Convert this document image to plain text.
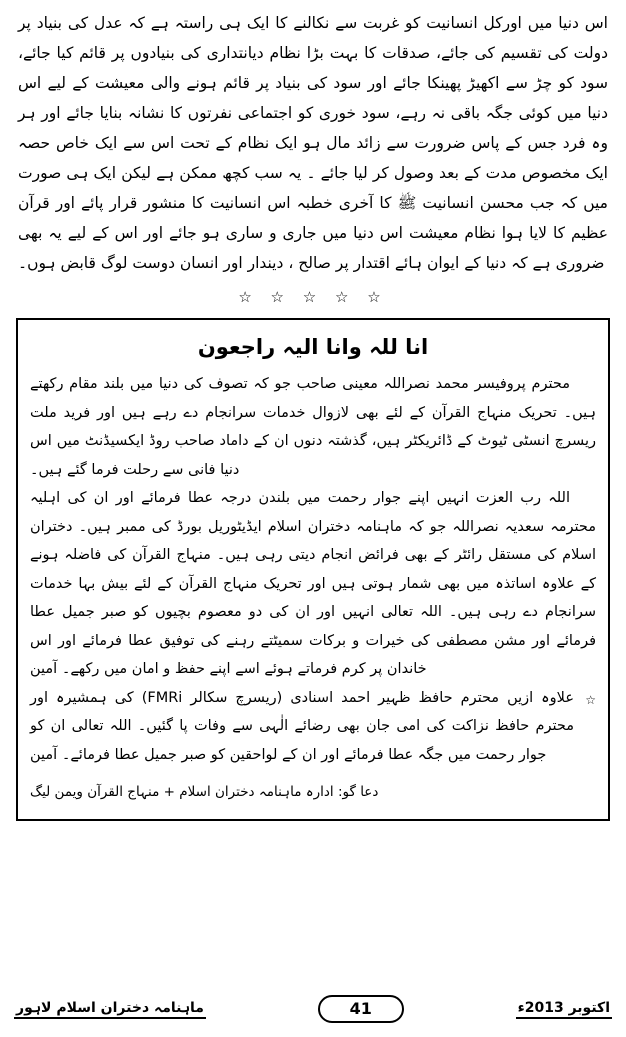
اس دنیا میں اورکل انسانیت کو غربت سے نکالنے کا ایک ہی راستہ ہے کہ عدل کی بنیاد پر دولت کی تقسیم کی جائے، صدقات کا بہت بڑا نظام دیانتداری کی بنیادوں پر قائم کیا جائے، سود کو چڑ سے اکھیڑ پھینکا جائے اور سود کی بنیاد پر قائم ہونے والی معیشت کے لیے اس دنیا میں کوئی جگہ باقی نہ رہے، سود خوری کو اجتماعی نفرتوں کا نشانہ بنایا جائے اور ہر وہ فرد جس کے پاس ضرورت سے زائد مال ہو ایک نظام کے تحت اس سے ایک خاص حصہ ایک مخصوص مدت کے بعد وصول کر لیا جائے ۔ یہ سب کچھ ممکن ہے لیکن ایک ہی صورت میں کہ جب محسن انسانیت ﷺ کا آخری خطبہ اس انسانیت کا منشور قرار پائے اور قرآن عظیم کا لایا ہوا نظام معیشت اس دنیا میں جاری و ساری ہو جائے اور اس کے لیے یہ بھی ضروری ہے کہ دنیا کے ایوان ہائے اقتدار پر صالح ، دیندار اور انسان دوست لوگ قابض ہوں۔

☆ ☆ ☆ ☆ ☆
انا للہ وانا الیہ راجعون

محترم پروفیسر محمد نصراللہ معینی صاحب جو کہ تصوف کی دنیا میں بلند مقام رکھتے ہیں۔ تحریک منہاج القرآن کے لئے بھی لازوال خدمات سرانجام دے رہے ہیں اور فرید ملت ریسرچ انسٹی ٹیوٹ کے ڈائریکٹر ہیں، گذشتہ دنوں ان کے داماد صاحب روڈ ایکسیڈنٹ میں اس دنیا فانی سے رحلت فرما گئے ہیں۔

اللہ رب العزت انہیں اپنے جوار رحمت میں بلندن درجہ عطا فرمائے اور ان کی اہلیہ محترمہ سعدیہ نصراللہ جو کہ ماہنامہ دختران اسلام ایڈیٹوریل بورڈ کی ممبر ہیں۔ دختران اسلام کی مستقل رائٹر کے بھی فرائض انجام دیتی رہی ہیں۔ منہاج القرآن کی فاضلہ ہونے کے علاوہ اساتذہ میں بھی شمار ہوتی ہیں اور تحریک منہاج القرآن کے لئے بیش بہا خدمات سرانجام دے رہی ہیں۔ اللہ تعالی انہیں اور ان کی دو معصوم بچیوں کو صبر جمیل عطا فرمائے اور مشن مصطفی کی خیرات و برکات سمیٹتے رہنے کی توفیق عطا فرمائے اور اس خاندان پر کرم فرماتے ہوئے اسے اپنے حفظ و امان میں رکھے۔ آمین

☆
علاوہ ازیں محترم حافظ ظہیر احمد اسنادی (ریسرچ سکالر FMRi) کی ہمشیرہ اور محترم حافظ نزاکت کی امی جان بھی رضائے الٰہی سے وفات پا گئیں۔ اللہ تعالی ان کو جوار رحمت میں جگہ عطا فرمائے اور ان کے لواحقین کو صبر جمیل عطا فرمائے۔ آمین

دعا گو: ادارہ ماہنامہ دختران اسلام + منہاج القرآن ویمن لیگ
اکتوبر 2013ء
41
ماہنامہ دختران اسلام لاہور
